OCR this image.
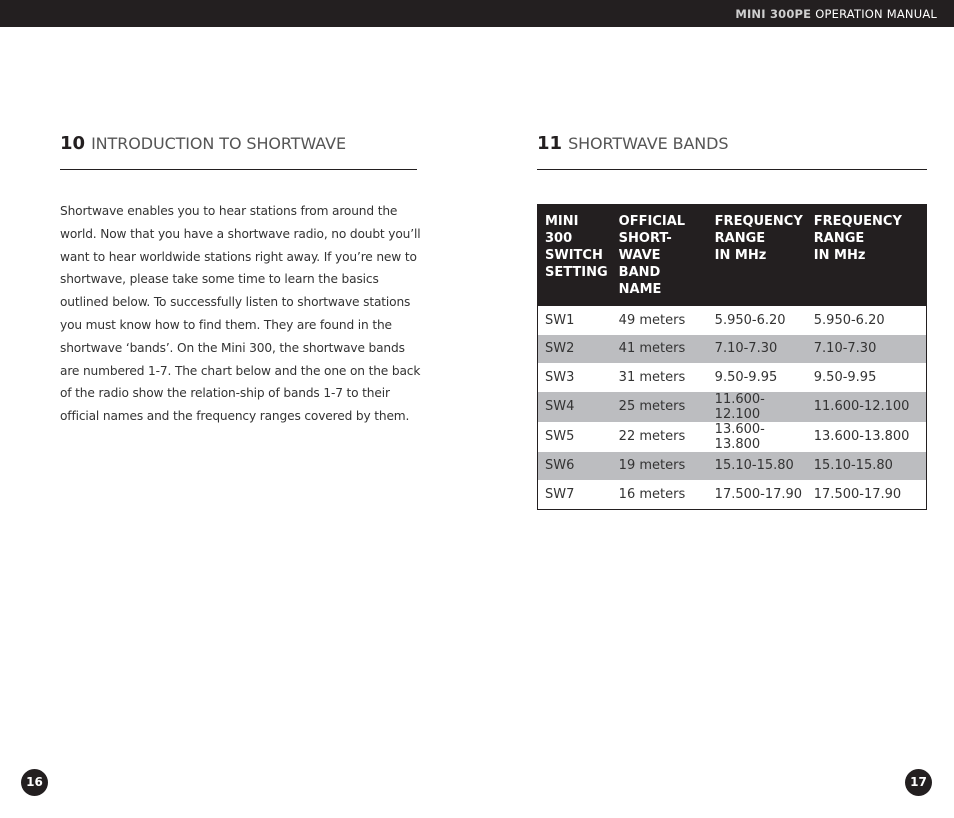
MINI 300PE OPERATION MANUAL
10 INTRODUCTION TO SHORTWAVE

Shortwave enables you to hear stations from around the world. Now that you have a shortwave radio, no doubt you’ll want to hear worldwide stations right away. If you’re new to shortwave, please take some time to learn the basics outlined below. To successfully listen to shortwave stations you must know how to find them. They are found in the shortwave ‘bands’. On the Mini 300, the shortwave bands are numbered 1-7. The chart below and the one on the back of the radio show the relation-ship of bands 1-7 to their official names and the frequency ranges covered by them.

11 SHORTWAVE BANDS
MINI 300
SWITCH
SETTING	OFFICIAL
SHORT-WAVE
BAND NAME	FREQUENCY
RANGE
IN MHz	FREQUENCY
RANGE
IN MHz
SW1	49 meters	5.950-6.20	5.950-6.20
SW2	41 meters	7.10-7.30	7.10-7.30
SW3	31 meters	9.50-9.95	9.50-9.95
SW4	25 meters	11.600-12.100	11.600-12.100
SW5	22 meters	13.600-13.800	13.600-13.800
SW6	19 meters	15.10-15.80	15.10-15.80
SW7	16 meters	17.500-17.90	17.500-17.90
16	17
